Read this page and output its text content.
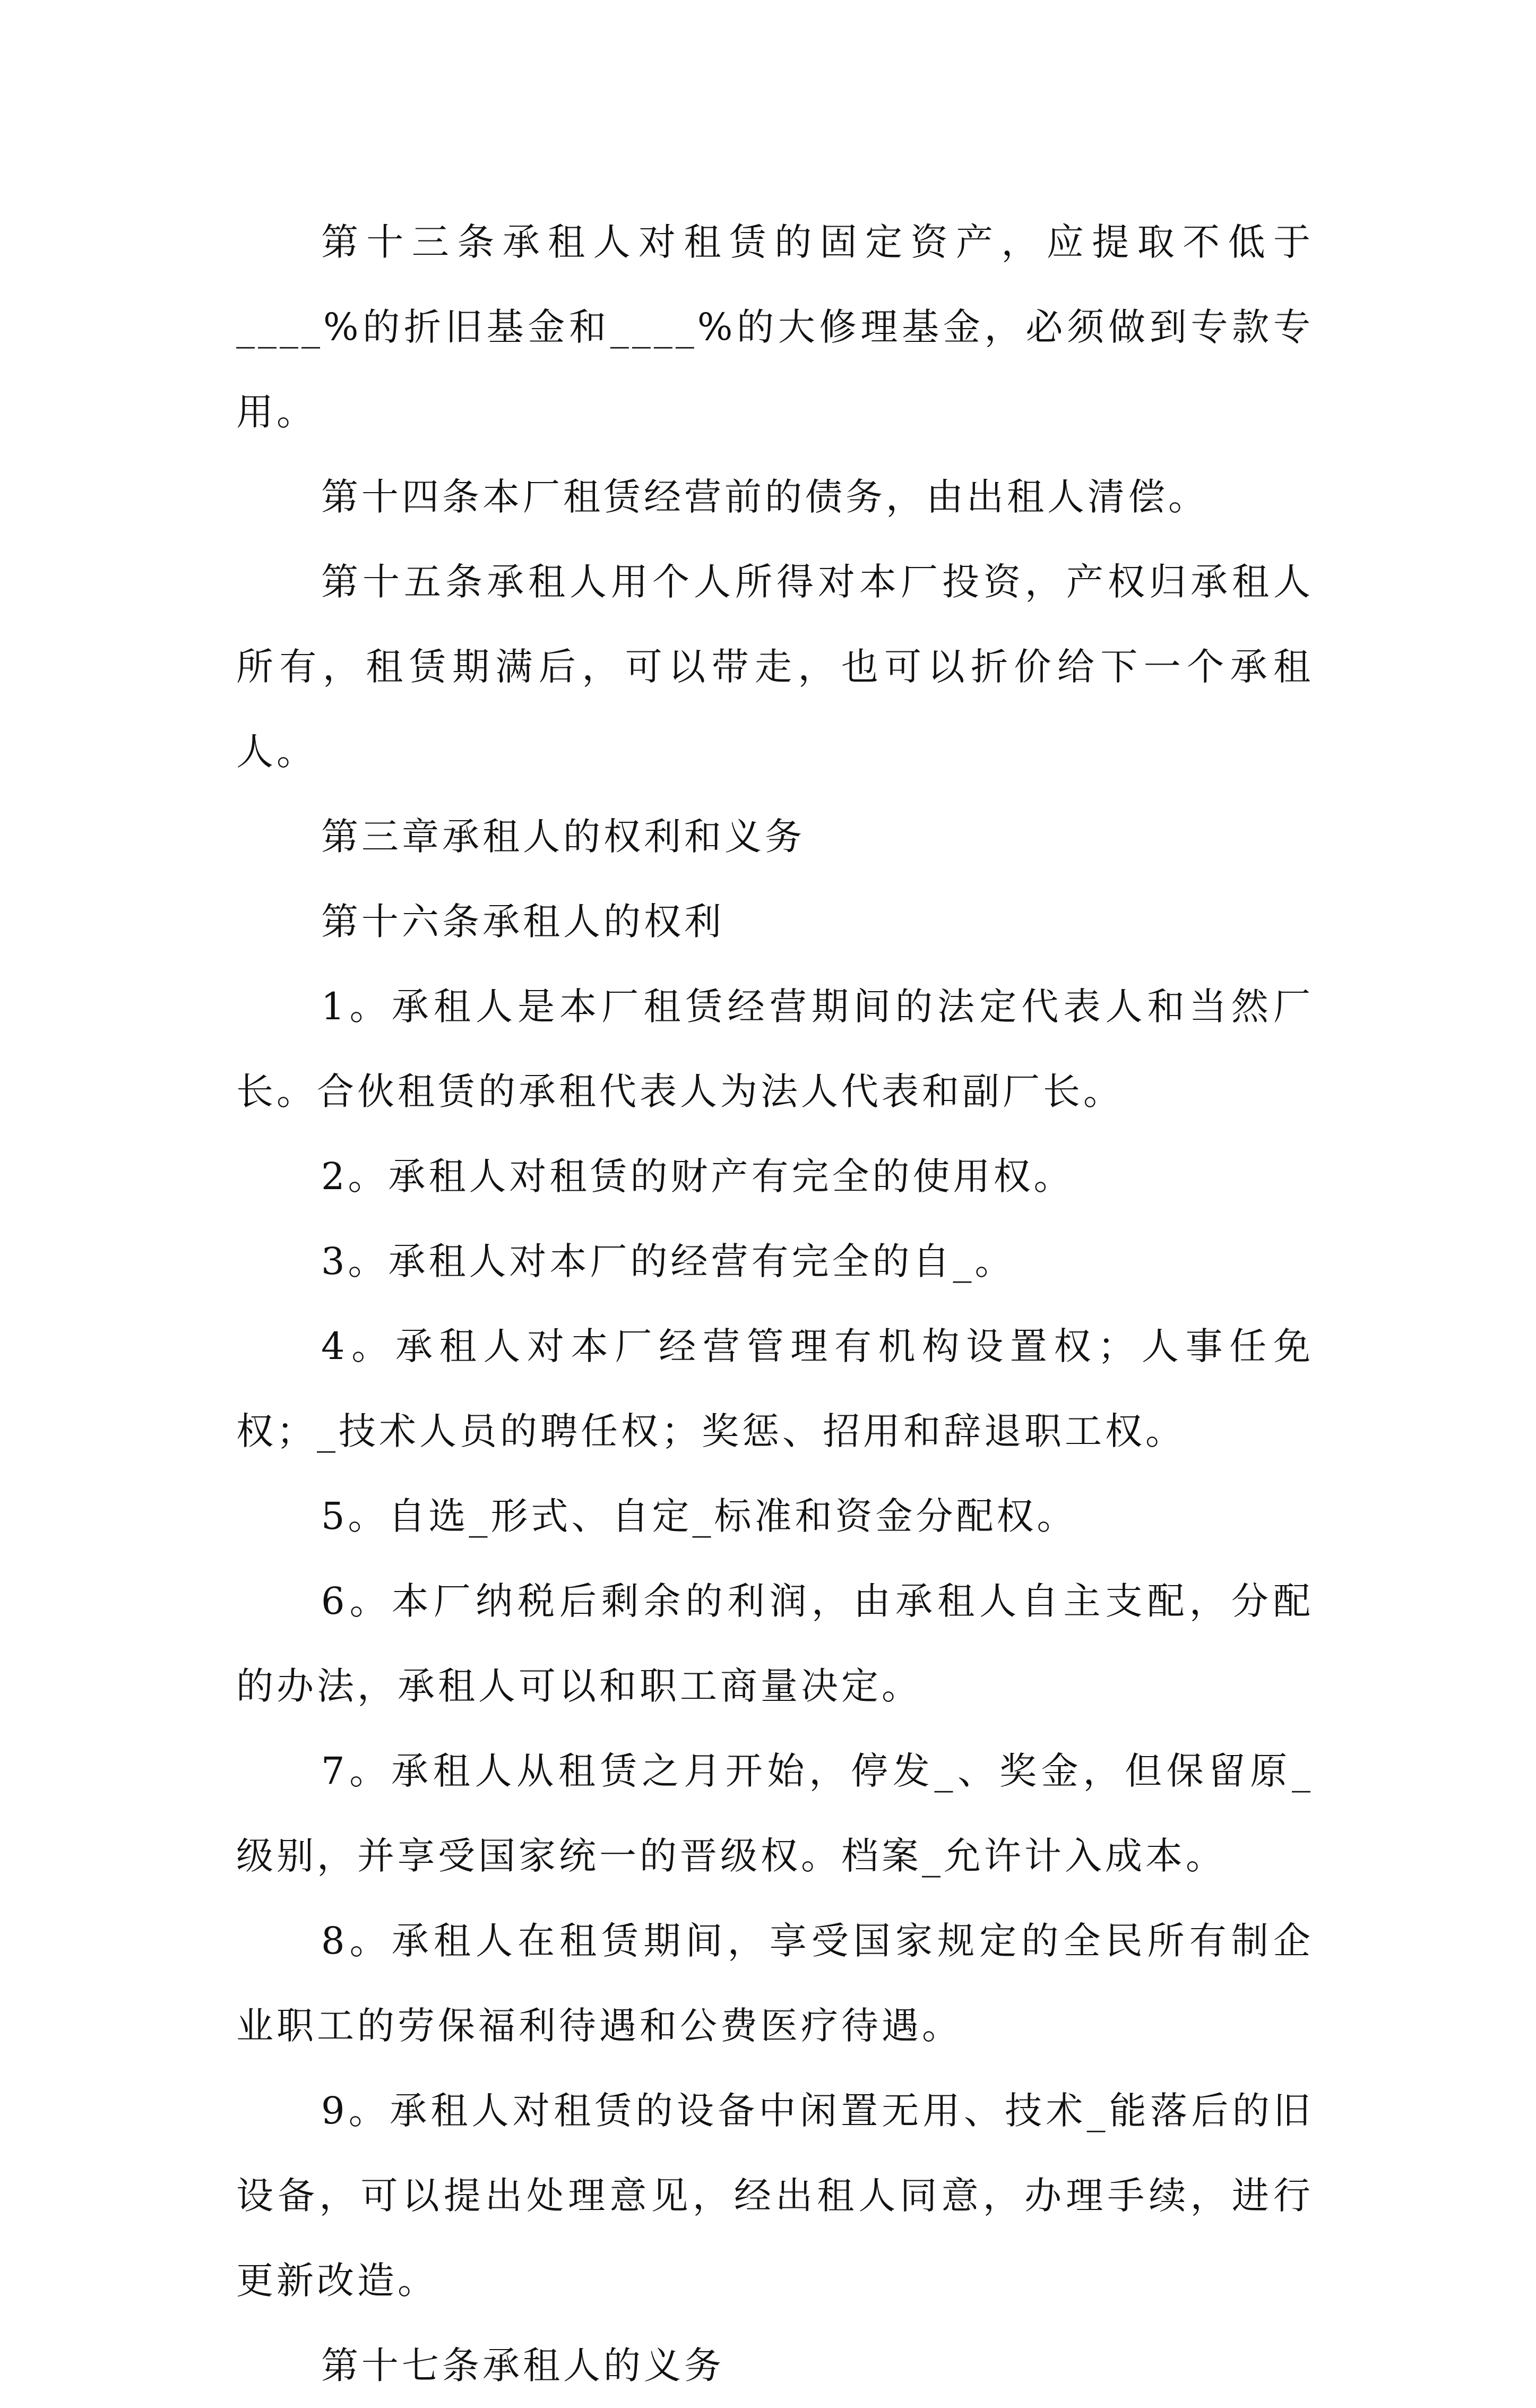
第十三条承租人对租赁的固定资产，应提取不低于____%的折旧基金和____%的大修理基金，必须做到专款专用。

第十四条本厂租赁经营前的债务，由出租人清偿。

第十五条承租人用个人所得对本厂投资，产权归承租人所有，租赁期满后，可以带走，也可以折价给下一个承租人。

第三章承租人的权利和义务

第十六条承租人的权利

1。承租人是本厂租赁经营期间的法定代表人和当然厂长。合伙租赁的承租代表人为法人代表和副厂长。

2。承租人对租赁的财产有完全的使用权。

3。承租人对本厂的经营有完全的自_。

4。承租人对本厂经营管理有机构设置权；人事任免权；_技术人员的聘任权；奖惩、招用和辞退职工权。

5。自选_形式、自定_标准和资金分配权。

6。本厂纳税后剩余的利润，由承租人自主支配，分配的办法，承租人可以和职工商量决定。

7。承租人从租赁之月开始，停发_、奖金，但保留原_级别，并享受国家统一的晋级权。档案_允许计入成本。

8。承租人在租赁期间，享受国家规定的全民所有制企业职工的劳保福利待遇和公费医疗待遇。

9。承租人对租赁的设备中闲置无用、技术_能落后的旧设备，可以提出处理意见，经出租人同意，办理手续，进行更新改造。

第十七条承租人的义务
